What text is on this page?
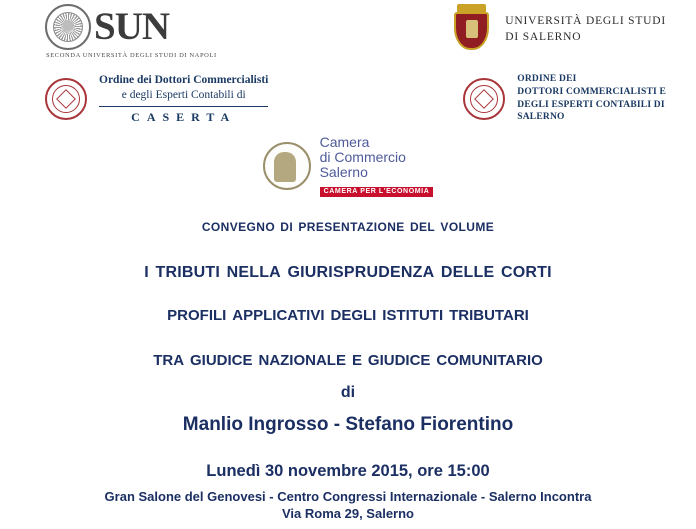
SUN
SECONDA UNIVERSITÀ DEGLI STUDI DI NAPOLI
UNIVERSITÀ DEGLI STUDI
DI SALERNO
Ordine dei Dottori Commercialisti
e degli Esperti Contabili di
CASERTA
ORDINE DEI
DOTTORI COMMERCIALISTI E
DEGLI ESPERTI CONTABILI DI
SALERNO
Camera
di Commercio
Salerno
CAMERA PER L'ECONOMIA
convegno di presentazione del volume
i tributi nella giurisprudenza delle corti
profili applicativi degli istituti tributari
tra giudice nazionale e giudice comunitario
di
Manlio Ingrosso - Stefano Fiorentino
Lunedì 30 novembre 2015, ore 15:00
Gran Salone del Genovesi - Centro Congressi Internazionale - Salerno Incontra
Via Roma 29, Salerno
